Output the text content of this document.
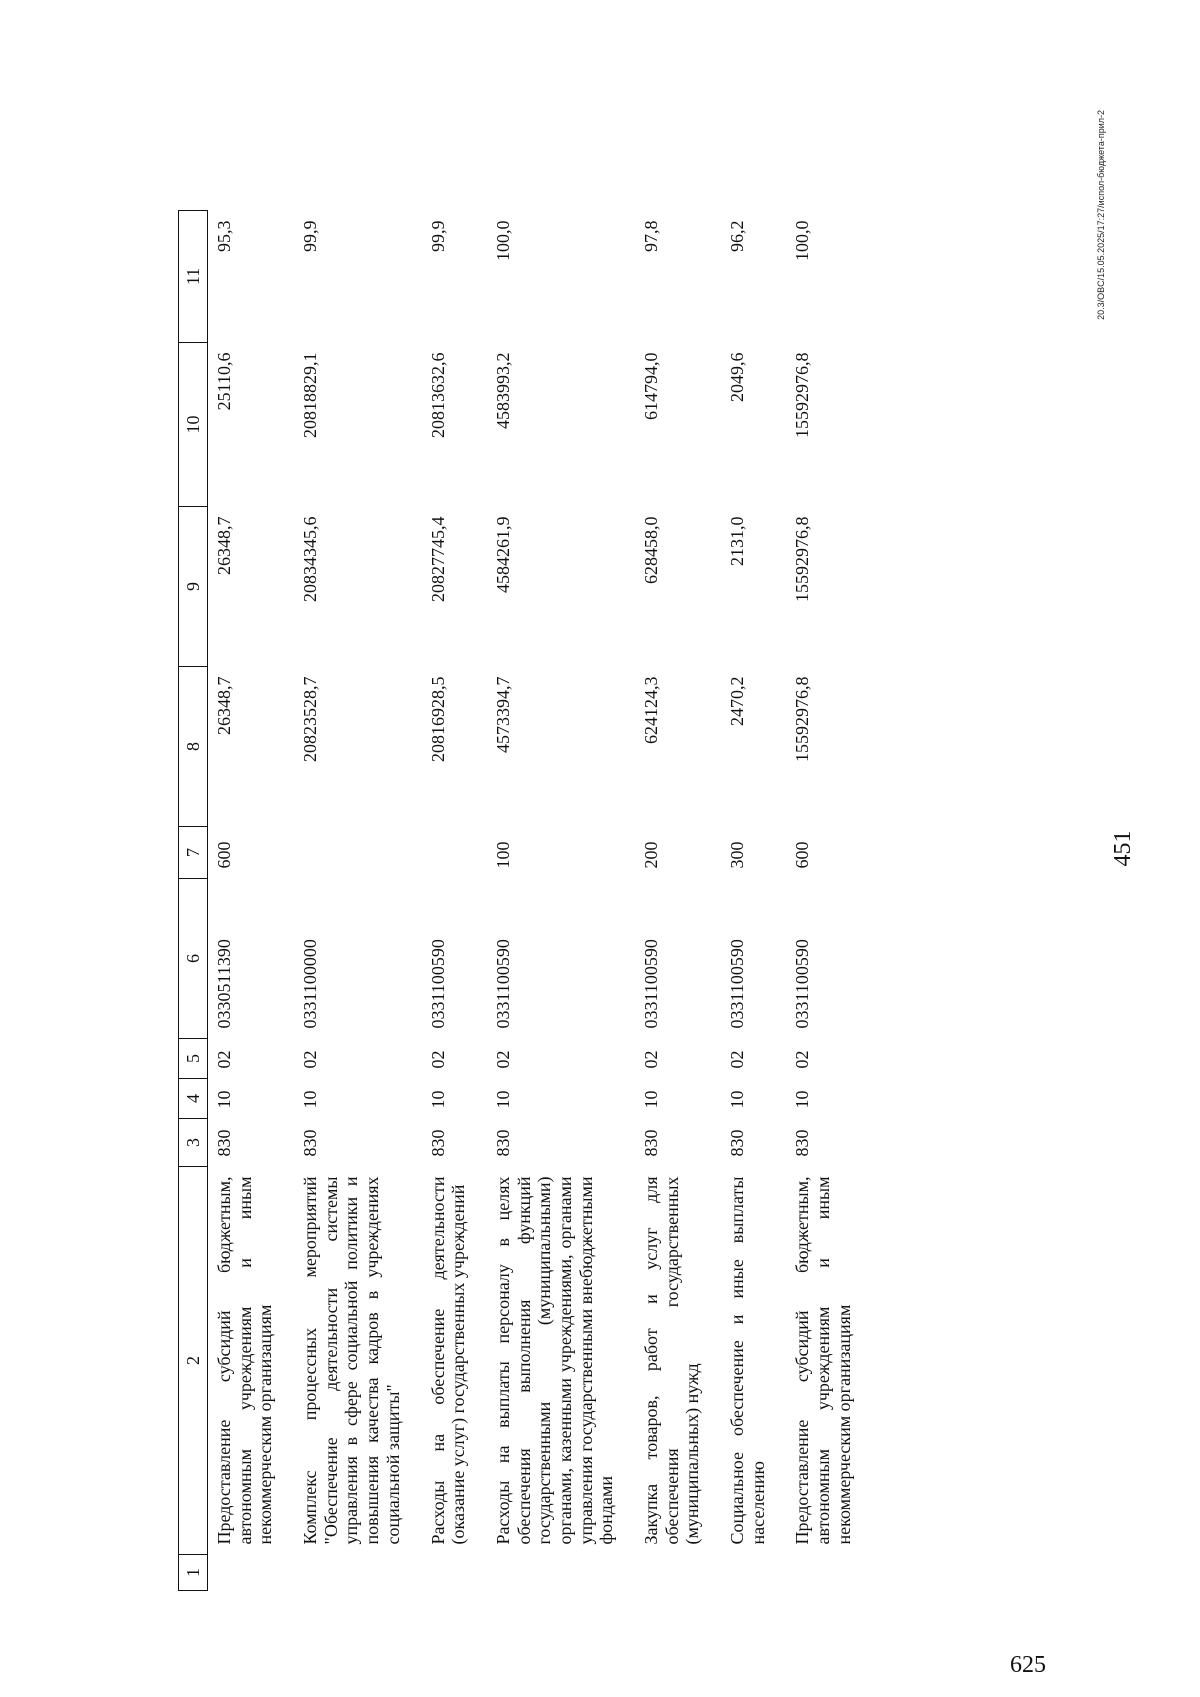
451
1	2	3	4	5	6	7	8	9	10	11
	Предоставление субсидий бюджетным, автономным учреждениям и иным некоммерческим организациям	830	10	02	0330511390	600	26348,7	26348,7	25110,6	95,3
	Комплекс процессных мероприятий "Обеспечение деятельности системы управления в сфере социальной политики и повышения качества кадров в учреждениях социальной защиты"	830	10	02	0331100000		20823528,7	20834345,6	20818829,1	99,9
	Расходы на обеспечение деятельности (оказание услуг) государственных учреждений	830	10	02	0331100590		20816928,5	20827745,4	20813632,6	99,9
	Расходы на выплаты персоналу в целях обеспечения выполнения функций государственными (муниципальными) органами, казенными учреждениями, органами управления государственными внебюджетными фондами	830	10	02	0331100590	100	4573394,7	4584261,9	4583993,2	100,0
	Закупка товаров, работ и услуг для обеспечения государственных (муниципальных) нужд	830	10	02	0331100590	200	624124,3	628458,0	614794,0	97,8
	Социальное обеспечение и иные выплаты населению	830	10	02	0331100590	300	2470,2	2131,0	2049,6	96,2
	Предоставление субсидий бюджетным, автономным учреждениям и иным некоммерческим организациям	830	10	02	0331100590	600	15592976,8	15592976,8	15592976,8	100,0	20.3/OBC/15.05.2025/17:27/испол-бюджета-прил-2
625
